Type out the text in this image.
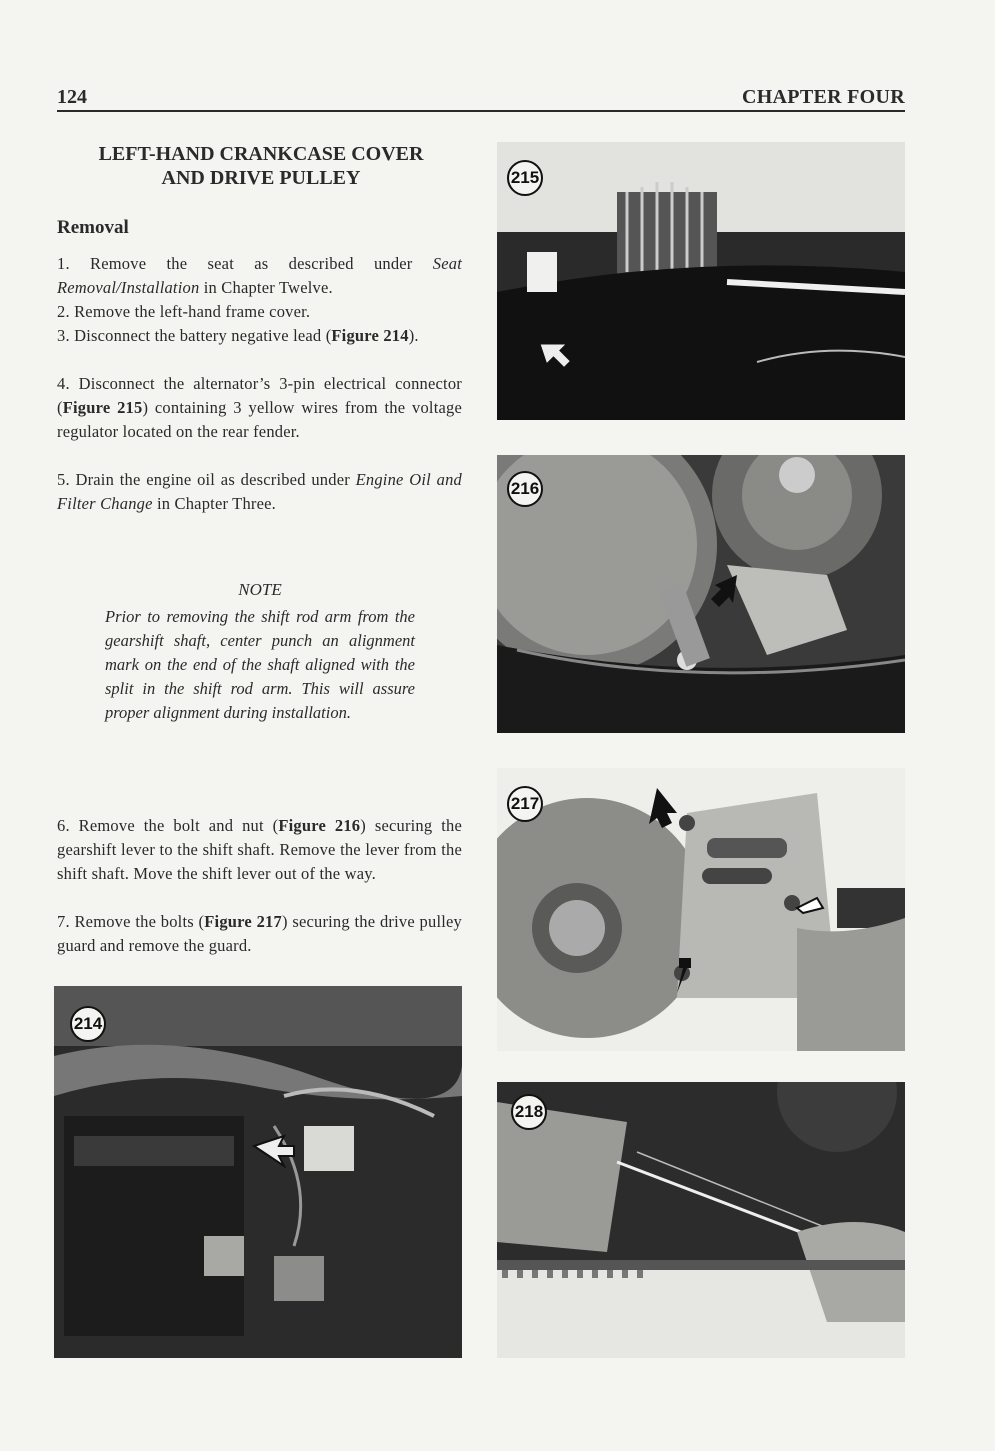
124	CHAPTER FOUR
LEFT-HAND CRANKCASE COVER
AND DRIVE PULLEY
Removal
1. Remove the seat as described under Seat Removal/Installation in Chapter Twelve.
2. Remove the left-hand frame cover.
3. Disconnect the battery negative lead (Figure 214).
4. Disconnect the alternator’s 3-pin electrical connector (Figure 215) containing 3 yellow wires from the voltage regulator located on the rear fender.
5. Drain the engine oil as described under Engine Oil and Filter Change in Chapter Three.
NOTE
Prior to removing the shift rod arm from the gearshift shaft, center punch an alignment mark on the end of the shaft aligned with the split in the shift rod arm. This will assure proper alignment during installation.
6. Remove the bolt and nut (Figure 216) securing the gearshift lever to the shift shaft. Remove the lever from the shift shaft. Move the shift lever out of the way.
7. Remove the bolts (Figure 217) securing the drive pulley guard and remove the guard.
214
215
216
217
218
